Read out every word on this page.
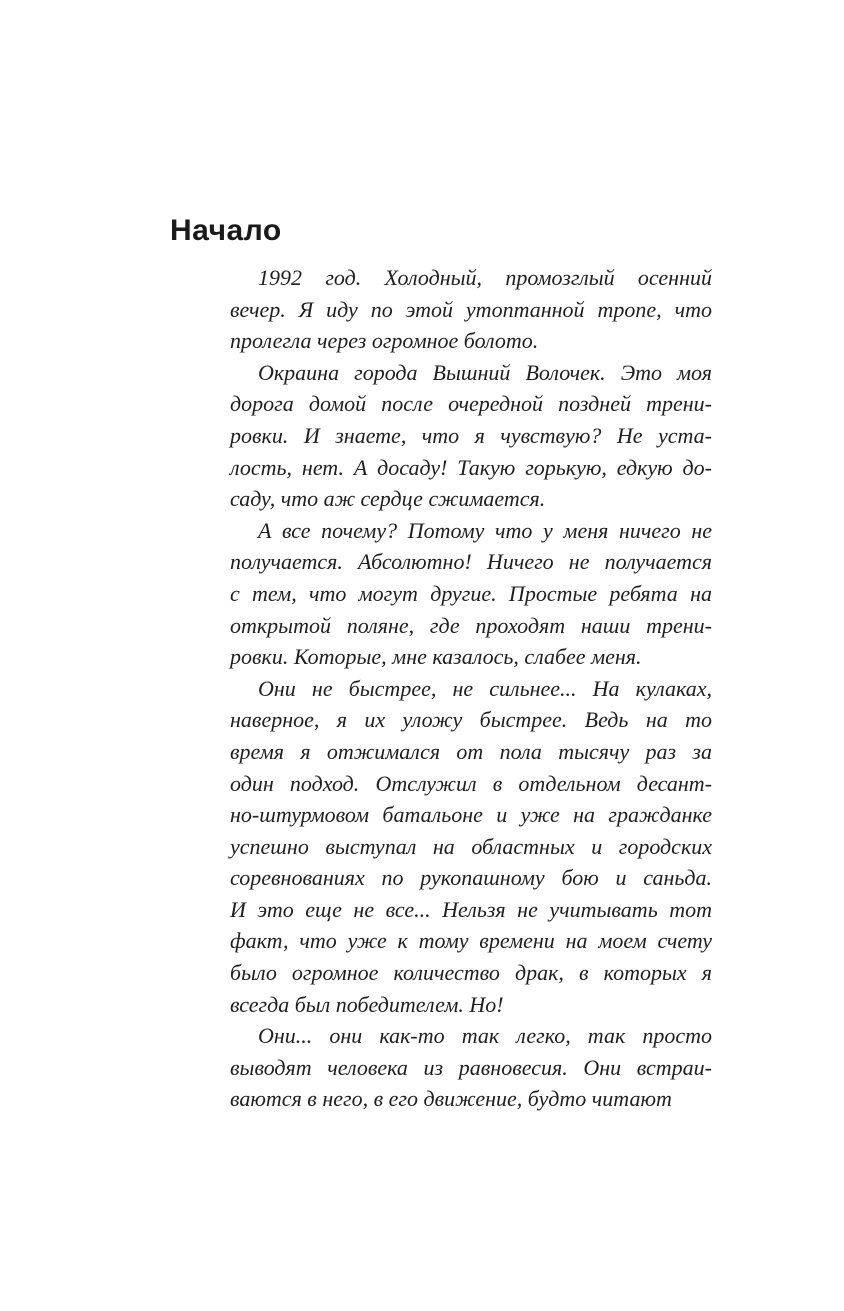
Начало
1992 год. Холодный, промозглый осенний
вечер. Я иду по этой утоптанной тропе, что
пролегла через огромное болото.
Окраина города Вышний Волочек. Это моя
дорога домой после очередной поздней трени-
ровки. И знаете, что я чувствую? Не уста-
лость, нет. А досаду! Такую горькую, едкую до-
саду, что аж сердце сжимается.
А все почему? Потому что у меня ничего не
получается. Абсолютно! Ничего не получается
с тем, что могут другие. Простые ребята на
открытой поляне, где проходят наши трени-
ровки. Которые, мне казалось, слабее меня.
Они не быстрее, не сильнее... На кулаках,
наверное, я их уложу быстрее. Ведь на то
время я отжимался от пола тысячу раз за
один подход. Отслужил в отдельном десант-
но-штурмовом батальоне и уже на гражданке
успешно выступал на областных и городских
соревнованиях по рукопашному бою и саньда.
И это еще не все... Нельзя не учитывать тот
факт, что уже к тому времени на моем счету
было огромное количество драк, в которых я
всегда был победителем. Но!
Они... они как-то так легко, так просто
выводят человека из равновесия. Они встраи-
ваются в него, в его движение, будто читают
